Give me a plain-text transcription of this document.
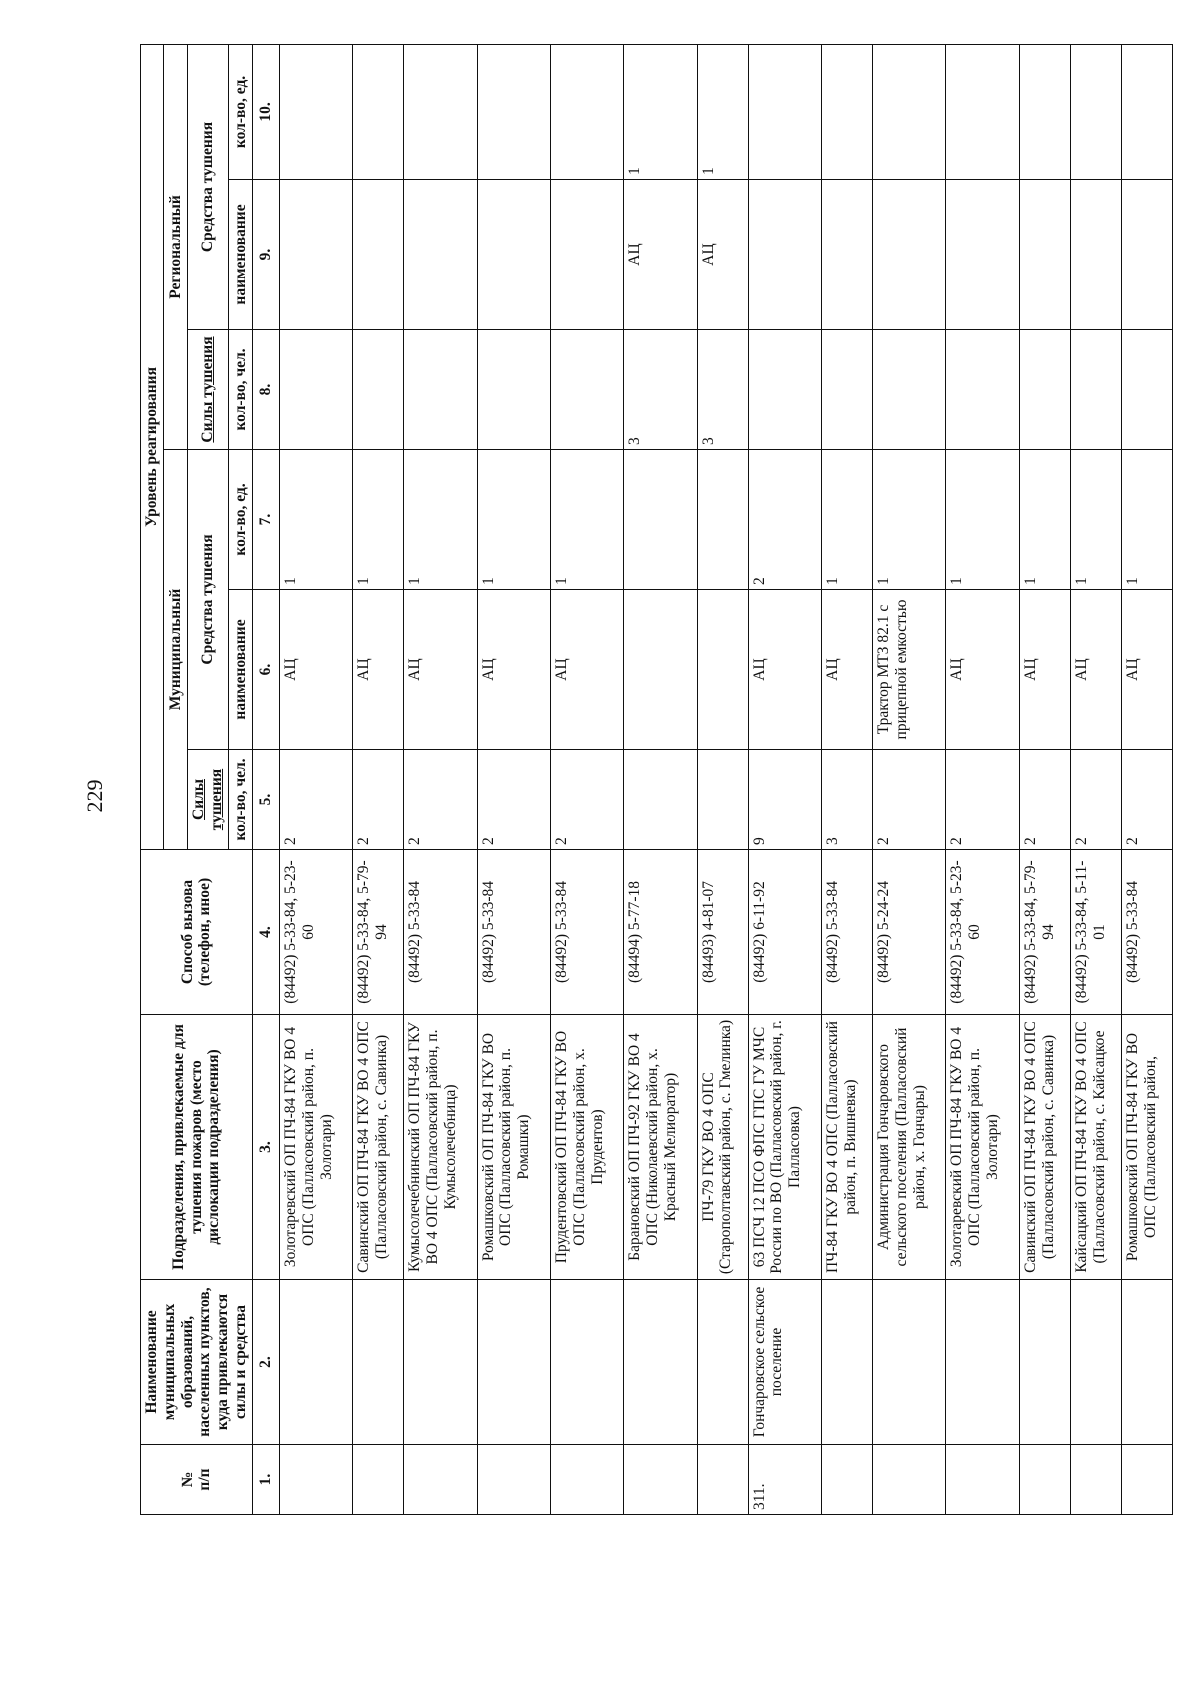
229
№
п/п	Наименование муниципальных образований, населенных пунктов, куда привлекаются силы и средства	Подразделения, привлекаемые для тушения пожаров (место дислокации подразделения)	Способ вызова (телефон, иное)	Уровень реагирования					
				Муниципальный			Региональный		
				Силы тушения	Средства тушения		Силы тушения	Средства тушения	
				кол-во, чел.	наименование	кол-во, ед.	кол-во, чел.	наименование	кол-во, ед.
1.	2.	3.	4.	5.	6.	7.	8.	9.	10.
		Золотаревский ОП ПЧ-84 ГКУ ВО 4 ОПС (Палласовский район, п. Золотари)	(84492) 5-33-84, 5-23-60	2	АЦ	1			
		Савинский ОП ПЧ-84 ГКУ ВО 4 ОПС (Палласовский район, с. Савинка)	(84492) 5-33-84, 5-79-94	2	АЦ	1			
		Кумысолечебнинский ОП ПЧ-84 ГКУ ВО 4 ОПС (Палласовский район, п. Кумысолечебница)	(84492) 5-33-84	2	АЦ	1			
		Ромашковский ОП ПЧ-84 ГКУ ВО ОПС (Палласовский район, п. Ромашки)	(84492) 5-33-84	2	АЦ	1			
		Прудентовский ОП ПЧ-84 ГКУ ВО ОПС (Палласовский район, х. Прудентов)	(84492) 5-33-84	2	АЦ	1			
		Барановский ОП ПЧ-92 ГКУ ВО 4 ОПС (Николаевский район, х. Красный Мелиоратор)	(84494) 5-77-18				3	АЦ	1
		ПЧ-79 ГКУ ВО 4 ОПС (Старополтавский район, с. Гмелинка)	(84493) 4-81-07				3	АЦ	1
311.	Гончаровское сельское поселение	63 ПСЧ 12 ПСО ФПС ГПС ГУ МЧС России по ВО (Палласовский район, г. Палласовка)	(84492) 6-11-92	9	АЦ	2			
		ПЧ-84 ГКУ ВО 4 ОПС (Палласовский район, п. Вишневка)	(84492) 5-33-84	3	АЦ	1			
		Администрация Гончаровского сельского поселения (Палласовский район, х. Гончары)	(84492) 5-24-24	2	Трактор МТЗ 82.1 с прицепной емкостью	1			
		Золотаревский ОП ПЧ-84 ГКУ ВО 4 ОПС (Палласовский район, п. Золотари)	(84492) 5-33-84, 5-23-60	2	АЦ	1			
		Савинский ОП ПЧ-84 ГКУ ВО 4 ОПС (Палласовский район, с. Савинка)	(84492) 5-33-84, 5-79-94	2	АЦ	1			
		Кайсацкий ОП ПЧ-84 ГКУ ВО 4 ОПС (Палласовский район, с. Кайсацкое	(84492) 5-33-84, 5-11-01	2	АЦ	1			
		Ромашковский ОП ПЧ-84 ГКУ ВО ОПС (Палласовский район,	(84492) 5-33-84	2	АЦ	1			
